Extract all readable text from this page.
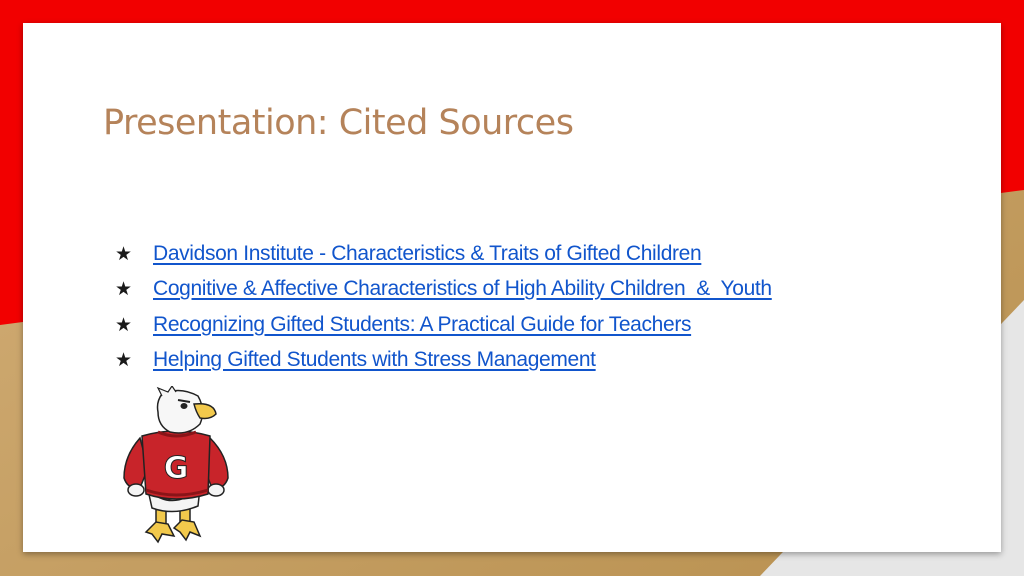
Presentation: Cited Sources
★ Davidson Institute - Characteristics & Traits of Gifted Children
★ Cognitive & Affective Characteristics of High Ability Children  &  Youth
★ Recognizing Gifted Students: A Practical Guide for Teachers
★ Helping Gifted Students with Stress Management
G
